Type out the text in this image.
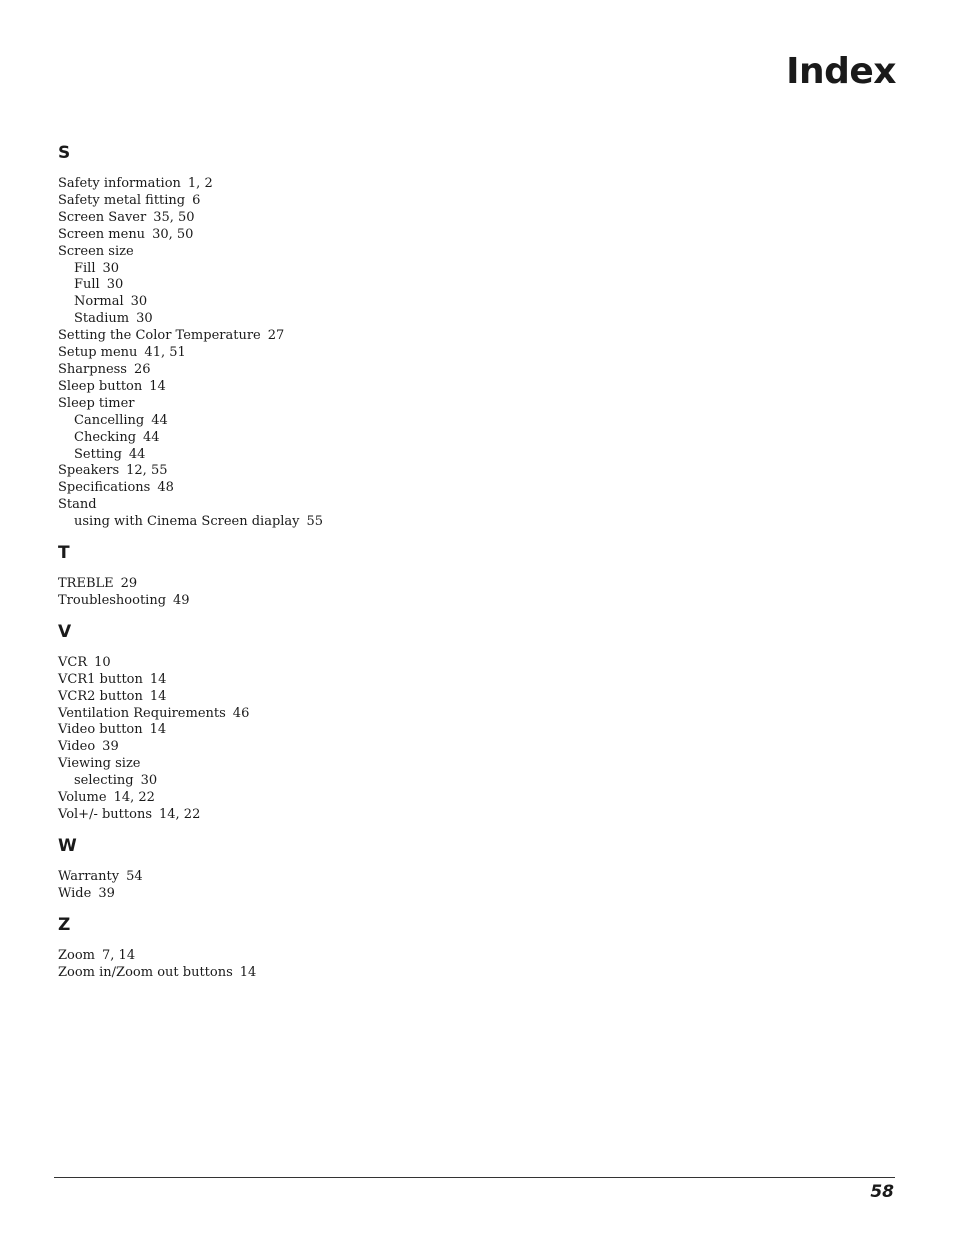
Index
S
Safety information 1, 2
Safety metal fitting 6
Screen Saver 35, 50
Screen menu 30, 50
Screen size
Fill 30
Full 30
Normal 30
Stadium 30
Setting the Color Temperature 27
Setup menu 41, 51
Sharpness 26
Sleep button 14
Sleep timer
Cancelling 44
Checking 44
Setting 44
Speakers 12, 55
Specifications 48
Stand
using with Cinema Screen diaplay 55
T
TREBLE 29
Troubleshooting 49
V
VCR 10
VCR1 button 14
VCR2 button 14
Ventilation Requirements 46
Video button 14
Video 39
Viewing size
selecting 30
Volume 14, 22
Vol+/- buttons 14, 22
W
Warranty 54
Wide 39
Z
Zoom 7, 14
Zoom in/Zoom out buttons 14
58
